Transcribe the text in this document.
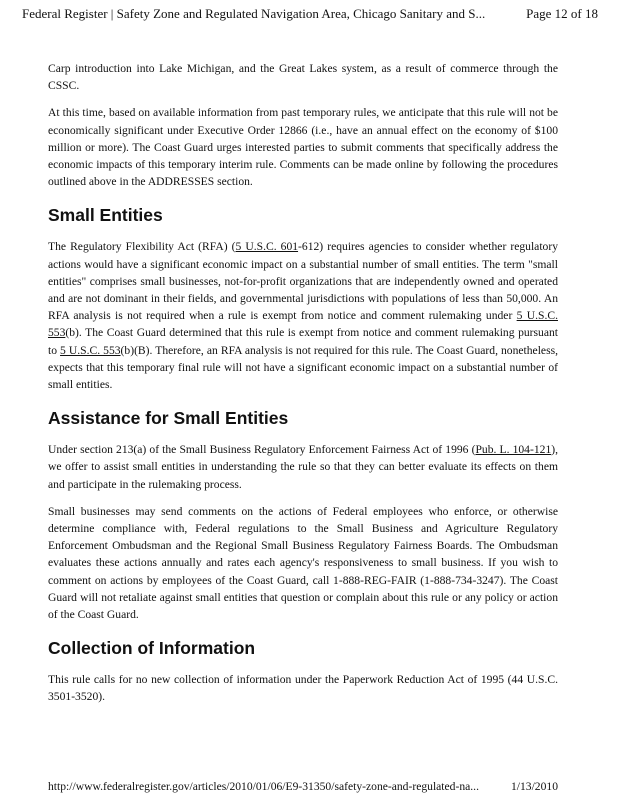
Federal Register | Safety Zone and Regulated Navigation Area, Chicago Sanitary and S...	Page 12 of 18

Carp introduction into Lake Michigan, and the Great Lakes system, as a result of commerce through the CSSC.

At this time, based on available information from past temporary rules, we anticipate that this rule will not be economically significant under Executive Order 12866 (i.e., have an annual effect on the economy of $100 million or more). The Coast Guard urges interested parties to submit comments that specifically address the economic impacts of this temporary interim rule. Comments can be made online by following the procedures outlined above in the ADDRESSES section.

Small Entities

The Regulatory Flexibility Act (RFA) (5 U.S.C. 601-612) requires agencies to consider whether regulatory actions would have a significant economic impact on a substantial number of small entities. The term "small entities" comprises small businesses, not-for-profit organizations that are independently owned and operated and are not dominant in their fields, and governmental jurisdictions with populations of less than 50,000. An RFA analysis is not required when a rule is exempt from notice and comment rulemaking under 5 U.S.C. 553(b). The Coast Guard determined that this rule is exempt from notice and comment rulemaking pursuant to 5 U.S.C. 553(b)(B). Therefore, an RFA analysis is not required for this rule. The Coast Guard, nonetheless, expects that this temporary final rule will not have a significant economic impact on a substantial number of small entities.

Assistance for Small Entities

Under section 213(a) of the Small Business Regulatory Enforcement Fairness Act of 1996 (Pub. L. 104-121), we offer to assist small entities in understanding the rule so that they can better evaluate its effects on them and participate in the rulemaking process.

Small businesses may send comments on the actions of Federal employees who enforce, or otherwise determine compliance with, Federal regulations to the Small Business and Agriculture Regulatory Enforcement Ombudsman and the Regional Small Business Regulatory Fairness Boards. The Ombudsman evaluates these actions annually and rates each agency's responsiveness to small business. If you wish to comment on actions by employees of the Coast Guard, call 1-888-REG-FAIR (1-888-734-3247). The Coast Guard will not retaliate against small entities that question or complain about this rule or any policy or action of the Coast Guard.

Collection of Information

This rule calls for no new collection of information under the Paperwork Reduction Act of 1995 (44 U.S.C. 3501-3520).

http://www.federalregister.gov/articles/2010/01/06/E9-31350/safety-zone-and-regulated-na...	1/13/2010
